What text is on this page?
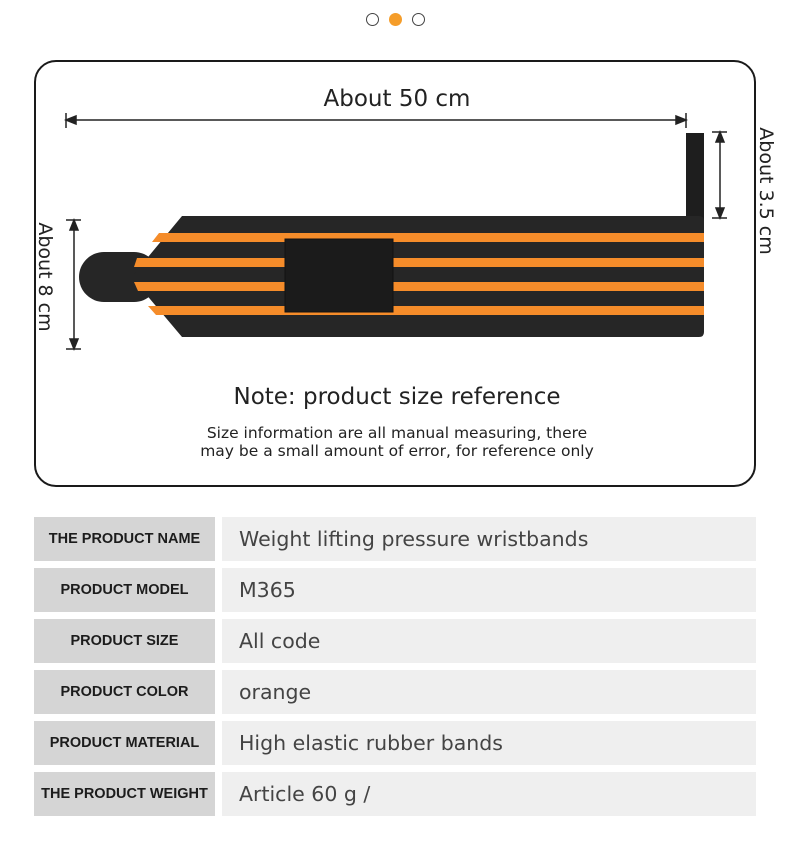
About 50 cm
About 8 cm
About 3.5 cm
Note: product size reference
Size information are all manual measuring, there may be a small amount of error, for reference only
THE PRODUCT NAME	Weight lifting pressure wristbands
PRODUCT MODEL	M365
PRODUCT SIZE	All code
PRODUCT COLOR	orange
PRODUCT MATERIAL	High elastic rubber bands
THE PRODUCT WEIGHT	Article 60 g /
